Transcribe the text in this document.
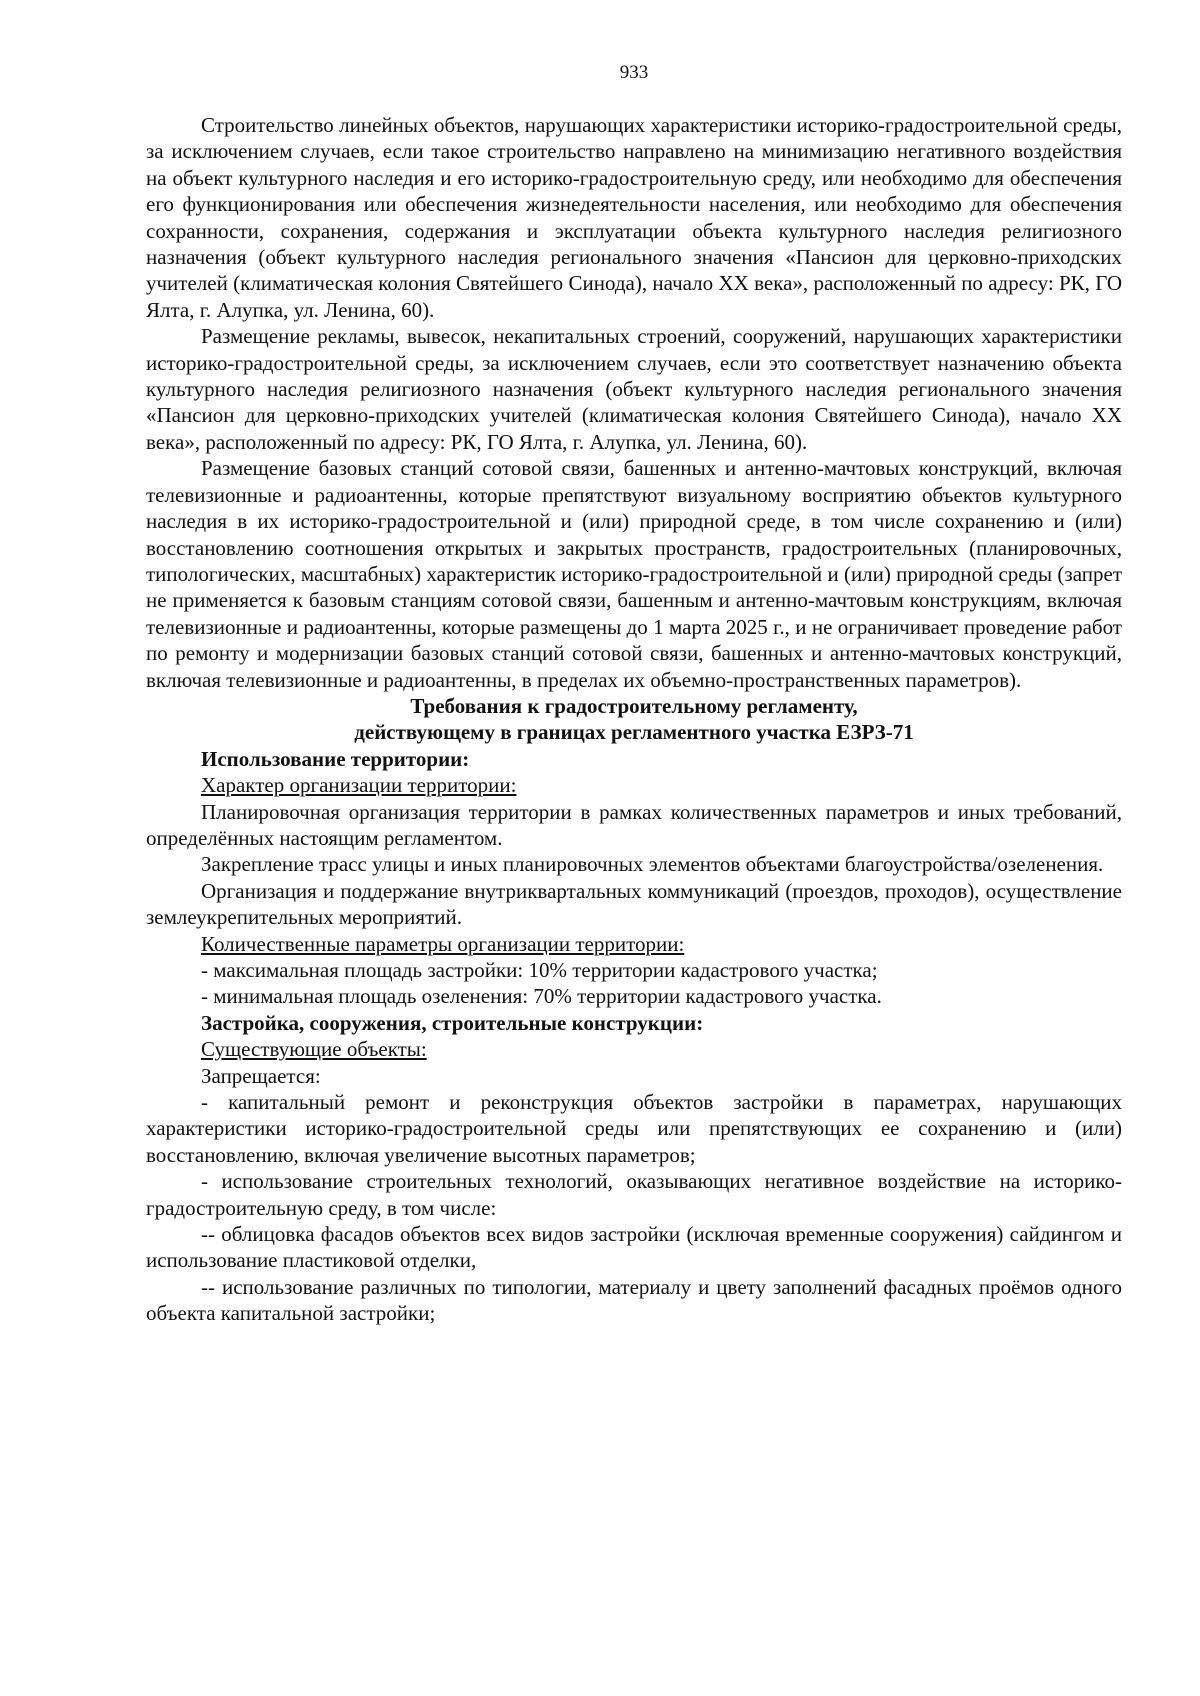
933

Строительство линейных объектов, нарушающих характеристики историко-градостроительной среды, за исключением случаев, если такое строительство направлено на минимизацию негативного воздействия на объект культурного наследия и его историко-градостроительную среду, или необходимо для обеспечения его функционирования или обеспечения жизнедеятельности населения, или необходимо для обеспечения сохранности, сохранения, содержания и эксплуатации объекта культурного наследия религиозного назначения (объект культурного наследия регионального значения «Пансион для церковно-приходских учителей (климатическая колония Святейшего Синода), начало XX века», расположенный по адресу: РК, ГО Ялта, г. Алупка, ул. Ленина, 60).

Размещение рекламы, вывесок, некапитальных строений, сооружений, нарушающих характеристики историко-градостроительной среды, за исключением случаев, если это соответствует назначению объекта культурного наследия религиозного назначения (объект культурного наследия регионального значения «Пансион для церковно-приходских учителей (климатическая колония Святейшего Синода), начало XX века», расположенный по адресу: РК, ГО Ялта, г. Алупка, ул. Ленина, 60).

Размещение базовых станций сотовой связи, башенных и антенно-мачтовых конструкций, включая телевизионные и радиоантенны, которые препятствуют визуальному восприятию объектов культурного наследия в их историко-градостроительной и (или) природной среде, в том числе сохранению и (или) восстановлению соотношения открытых и закрытых пространств, градостроительных (планировочных, типологических, масштабных) характеристик историко-градостроительной и (или) природной среды (запрет не применяется к базовым станциям сотовой связи, башенным и антенно-мачтовым конструкциям, включая телевизионные и радиоантенны, которые размещены до 1 марта 2025 г., и не ограничивает проведение работ по ремонту и модернизации базовых станций сотовой связи, башенных и антенно-мачтовых конструкций, включая телевизионные и радиоантенны, в пределах их объемно-пространственных параметров).

Требования к градостроительному регламенту,

действующему в границах регламентного участка ЕЗРЗ-71

Использование территории:

Характер организации территории:

Планировочная организация территории в рамках количественных параметров и иных требований, определённых настоящим регламентом.

Закрепление трасс улицы и иных планировочных элементов объектами благоустройства/озеленения.

Организация и поддержание внутриквартальных коммуникаций (проездов, проходов), осуществление землеукрепительных мероприятий.

Количественные параметры организации территории:

- максимальная площадь застройки: 10% территории кадастрового участка;

- минимальная площадь озеленения: 70% территории кадастрового участка.

Застройка, сооружения, строительные конструкции:

Существующие объекты:

Запрещается:

- капитальный ремонт и реконструкция объектов застройки в параметрах, нарушающих характеристики историко-градостроительной среды или препятствующих ее сохранению и (или) восстановлению, включая увеличение высотных параметров;

- использование строительных технологий, оказывающих негативное воздействие на историко-градостроительную среду, в том числе:

-- облицовка фасадов объектов всех видов застройки (исключая временные сооружения) сайдингом и использование пластиковой отделки,

-- использование различных по типологии, материалу и цвету заполнений фасадных проёмов одного объекта капитальной застройки;
